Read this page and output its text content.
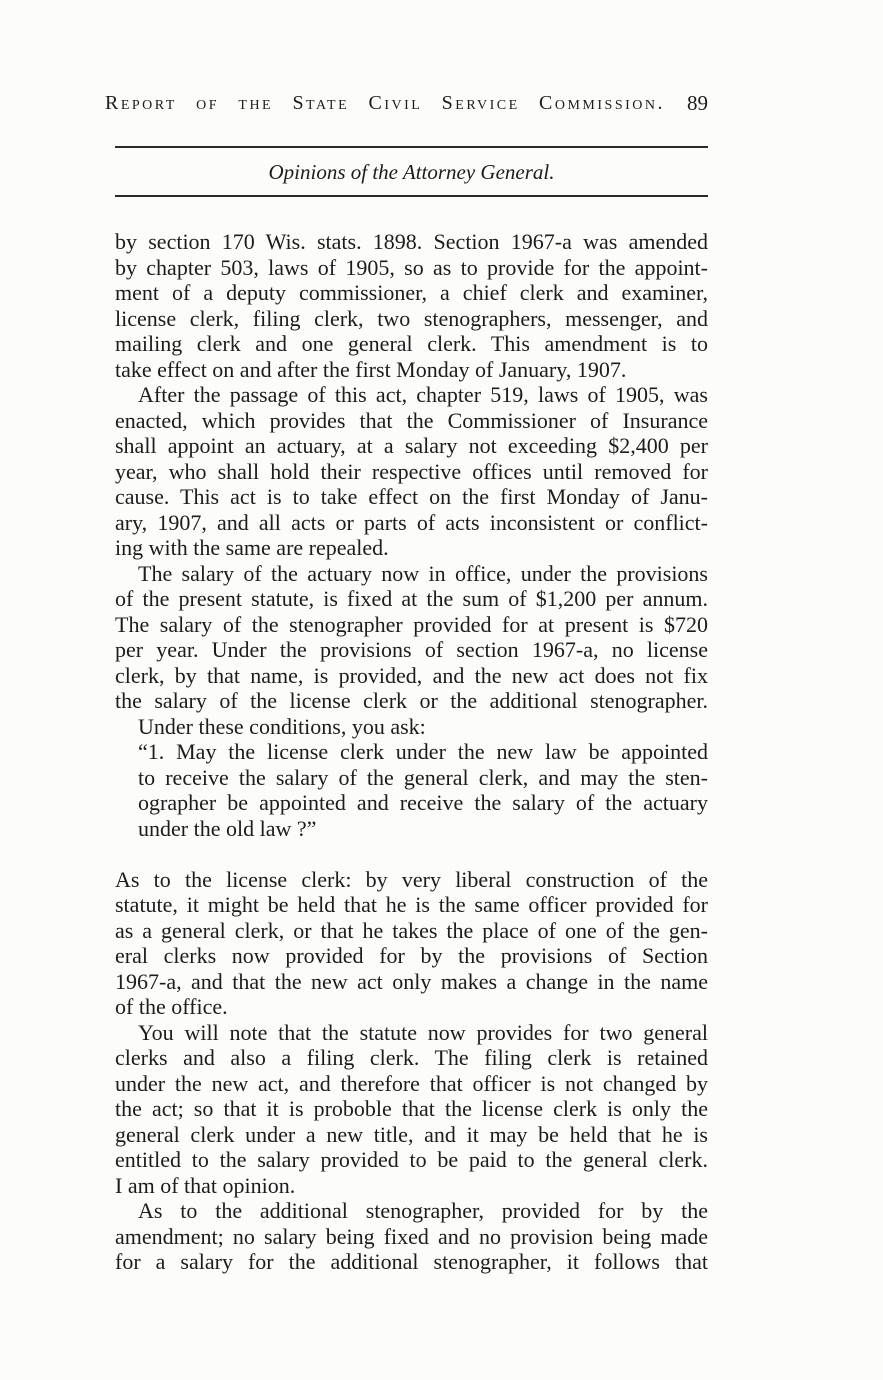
Report of the State Civil Service Commission. 89
Opinions of the Attorney General.
by section 170 Wis. stats. 1898. Section 1967-a was amended
by chapter 503, laws of 1905, so as to provide for the appoint-
ment of a deputy commissioner, a chief clerk and examiner,
license clerk, filing clerk, two stenographers, messenger, and
mailing clerk and one general clerk. This amendment is to
take effect on and after the first Monday of January, 1907.
After the passage of this act, chapter 519, laws of 1905, was
enacted, which provides that the Commissioner of Insurance
shall appoint an actuary, at a salary not exceeding $2,400 per
year, who shall hold their respective offices until removed for
cause. This act is to take effect on the first Monday of Janu-
ary, 1907, and all acts or parts of acts inconsistent or conflict-
ing with the same are repealed.
The salary of the actuary now in office, under the provisions
of the present statute, is fixed at the sum of $1,200 per annum.
The salary of the stenographer provided for at present is $720
per year. Under the provisions of section 1967-a, no license
clerk, by that name, is provided, and the new act does not fix
the salary of the license clerk or the additional stenographer.
Under these conditions, you ask:
“1. May the license clerk under the new law be appointed
to receive the salary of the general clerk, and may the sten-
ographer be appointed and receive the salary of the actuary
under the old law ?”
As to the license clerk: by very liberal construction of the
statute, it might be held that he is the same officer provided for
as a general clerk, or that he takes the place of one of the gen-
eral clerks now provided for by the provisions of Section
1967-a, and that the new act only makes a change in the name
of the office.
You will note that the statute now provides for two general
clerks and also a filing clerk. The filing clerk is retained
under the new act, and therefore that officer is not changed by
the act; so that it is proboble that the license clerk is only the
general clerk under a new title, and it may be held that he is
entitled to the salary provided to be paid to the general clerk.
I am of that opinion.
As to the additional stenographer, provided for by the
amendment; no salary being fixed and no provision being made
for a salary for the additional stenographer, it follows that
